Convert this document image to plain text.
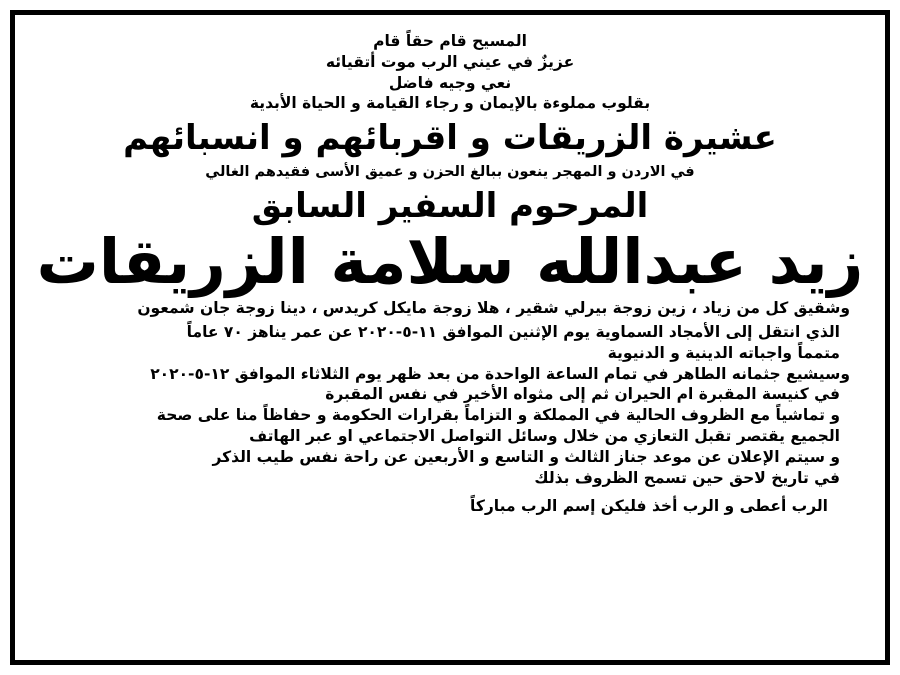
المسيح قام حقاً قام
عزيزٌ في عيني الرب موت أتقيائه
نعي وجيه فاضل
بقلوب مملوءة بالإيمان و رجاء القيامة و الحياة الأبدية
عشيرة الزريقات و اقربائهم و انسبائهم
في الاردن و المهجر ينعون ببالغ الحزن و عميق الأسى فقيدهم الغالي
المرحوم السفير السابق
زيد عبدالله سلامة الزريقات
وشقيق كل من زياد ، زين زوجة بيرلي شقير ، هلا زوجة مايكل كريدس ، دينا زوجة جان شمعون
الذي انتقل إلى الأمجاد السماوية يوم الإثنين الموافق ١١-٥-٢٠٢٠ عن عمر يناهز ٧٠ عاماً
متمماً واجباته الدينية و الدنيوية
وسيشيع جثمانه الطاهر في تمام الساعة الواحدة من بعد ظهر يوم الثلاثاء الموافق ١٢-٥-٢٠٢٠
في كنيسة المقبرة ام الحيران ثم إلى مثواه الأخير في نفس المقبرة
و تماشياً مع الظروف الحالية في المملكة و التزاماً بقرارات الحكومة و حفاظاً منا على صحة
الجميع يقتصر تقبل التعازي من خلال وسائل التواصل الاجتماعي او عبر الهاتف
و سيتم الإعلان عن موعد جناز الثالث و التاسع و الأربعين عن راحة نفس طيب الذكر
في تاريخ لاحق حين تسمح الظروف بذلك
الرب أعطى و الرب أخذ فليكن إسم الرب مباركاً
